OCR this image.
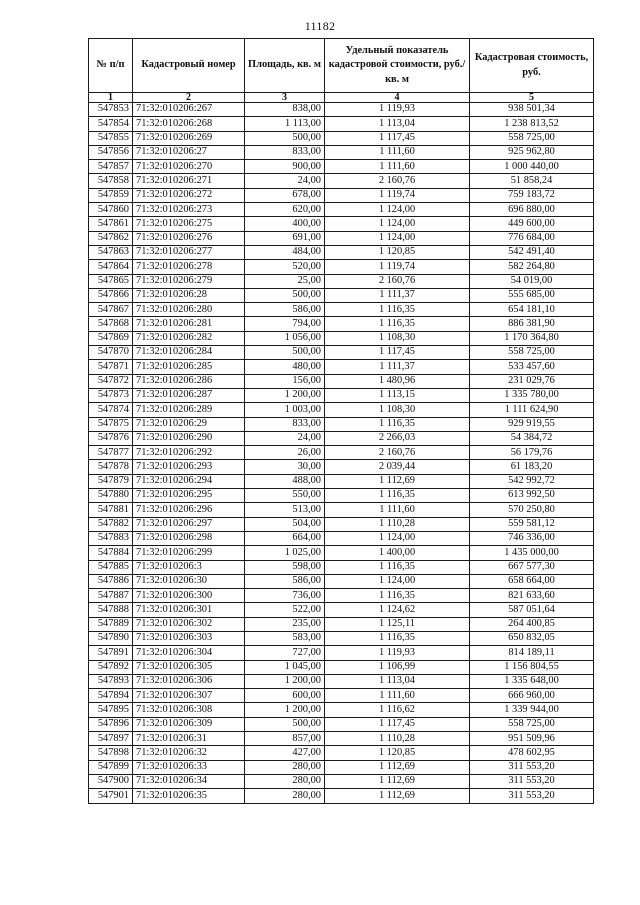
11182
№ п/п	Кадастровый номер	Площадь, кв. м	Удельный показатель кадастровой стоимости, руб./кв. м	Кадастровая стоимость, руб.
1	2	3	4	5
547853	71:32:010206:267	838,00	1 119,93	938 501,34
547854	71:32:010206:268	1 113,00	1 113,04	1 238 813,52
547855	71:32:010206:269	500,00	1 117,45	558 725,00
547856	71:32:010206:27	833,00	1 111,60	925 962,80
547857	71:32:010206:270	900,00	1 111,60	1 000 440,00
547858	71:32:010206:271	24,00	2 160,76	51 858,24
547859	71:32:010206:272	678,00	1 119,74	759 183,72
547860	71:32:010206:273	620,00	1 124,00	696 880,00
547861	71:32:010206:275	400,00	1 124,00	449 600,00
547862	71:32:010206:276	691,00	1 124,00	776 684,00
547863	71:32:010206:277	484,00	1 120,85	542 491,40
547864	71:32:010206:278	520,00	1 119,74	582 264,80
547865	71:32:010206:279	25,00	2 160,76	54 019,00
547866	71:32:010206:28	500,00	1 111,37	555 685,00
547867	71:32:010206:280	586,00	1 116,35	654 181,10
547868	71:32:010206:281	794,00	1 116,35	886 381,90
547869	71:32:010206:282	1 056,00	1 108,30	1 170 364,80
547870	71:32:010206:284	500,00	1 117,45	558 725,00
547871	71:32:010206:285	480,00	1 111,37	533 457,60
547872	71:32:010206:286	156,00	1 480,96	231 029,76
547873	71:32:010206:287	1 200,00	1 113,15	1 335 780,00
547874	71:32:010206:289	1 003,00	1 108,30	1 111 624,90
547875	71:32:010206:29	833,00	1 116,35	929 919,55
547876	71:32:010206:290	24,00	2 266,03	54 384,72
547877	71:32:010206:292	26,00	2 160,76	56 179,76
547878	71:32:010206:293	30,00	2 039,44	61 183,20
547879	71:32:010206:294	488,00	1 112,69	542 992,72
547880	71:32:010206:295	550,00	1 116,35	613 992,50
547881	71:32:010206:296	513,00	1 111,60	570 250,80
547882	71:32:010206:297	504,00	1 110,28	559 581,12
547883	71:32:010206:298	664,00	1 124,00	746 336,00
547884	71:32:010206:299	1 025,00	1 400,00	1 435 000,00
547885	71:32:010206:3	598,00	1 116,35	667 577,30
547886	71:32:010206:30	586,00	1 124,00	658 664,00
547887	71:32:010206:300	736,00	1 116,35	821 633,60
547888	71:32:010206:301	522,00	1 124,62	587 051,64
547889	71:32:010206:302	235,00	1 125,11	264 400,85
547890	71:32:010206:303	583,00	1 116,35	650 832,05
547891	71:32:010206:304	727,00	1 119,93	814 189,11
547892	71:32:010206:305	1 045,00	1 106,99	1 156 804,55
547893	71:32:010206:306	1 200,00	1 113,04	1 335 648,00
547894	71:32:010206:307	600,00	1 111,60	666 960,00
547895	71:32:010206:308	1 200,00	1 116,62	1 339 944,00
547896	71:32:010206:309	500,00	1 117,45	558 725,00
547897	71:32:010206:31	857,00	1 110,28	951 509,96
547898	71:32:010206:32	427,00	1 120,85	478 602,95
547899	71:32:010206:33	280,00	1 112,69	311 553,20
547900	71:32:010206:34	280,00	1 112,69	311 553,20
547901	71:32:010206:35	280,00	1 112,69	311 553,20
